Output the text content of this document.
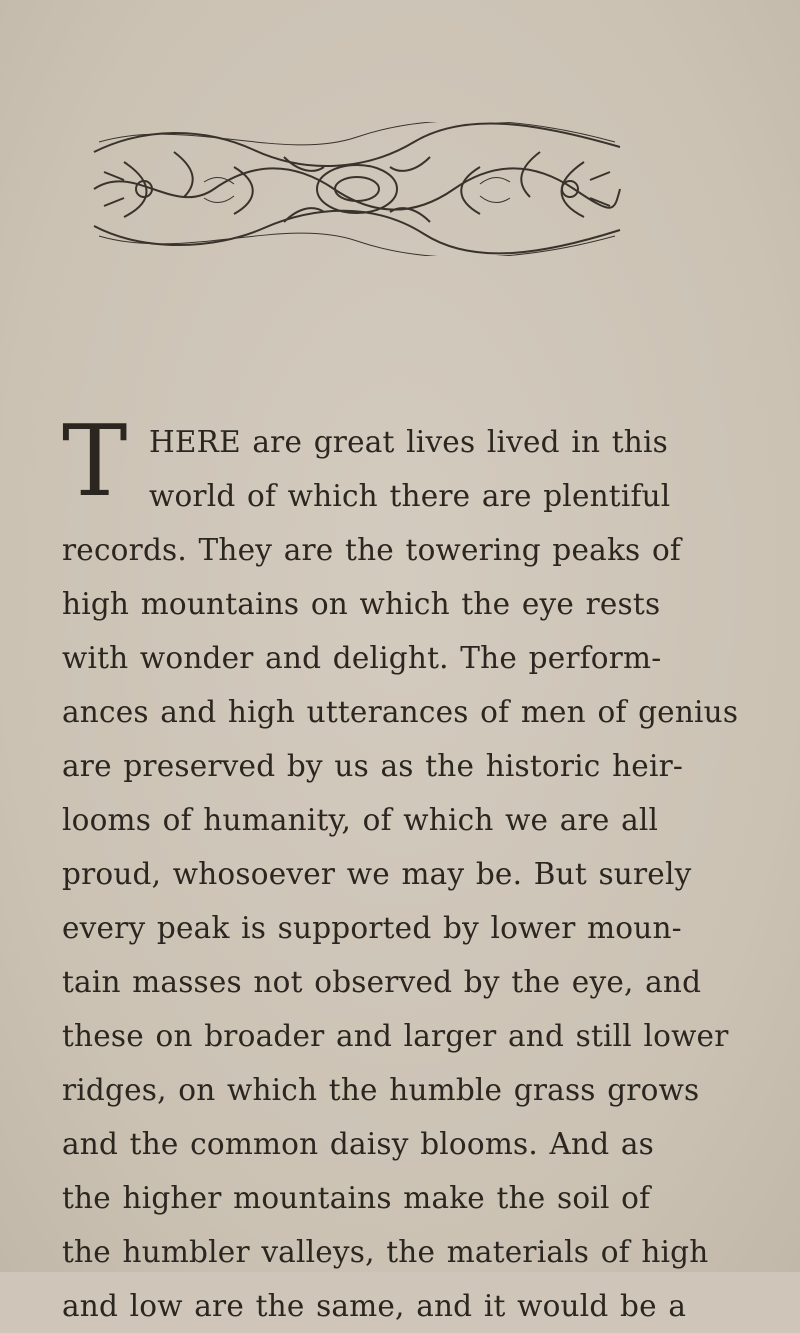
T HERE are great lives lived in this
world of which there are plentiful
records. They are the towering peaks of
high mountains on which the eye rests
with wonder and delight. The perform-
ances and high utterances of men of genius
are preserved by us as the historic heir-
looms of humanity, of which we are all
proud, whosoever we may be. But surely
every peak is supported by lower moun-
tain masses not observed by the eye, and
these on broader and larger and still lower
ridges, on which the humble grass grows
and the common daisy blooms. And as
the higher mountains make the soil of
the humbler valleys, the materials of high
and low are the same, and it would be a
